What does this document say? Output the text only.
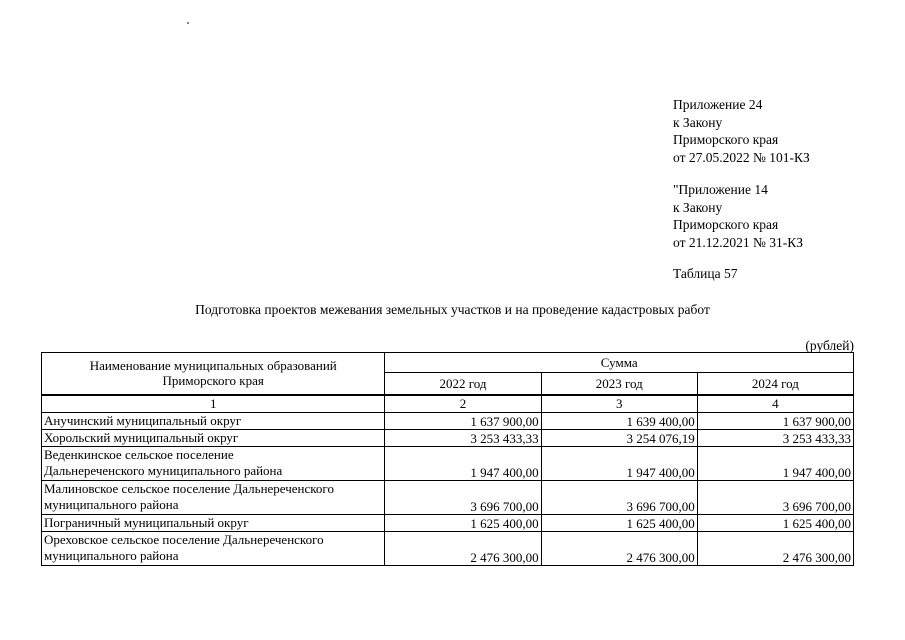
Приложение 24
к Закону
Приморского края
от 27.05.2022 № 101-КЗ
"Приложение 14
к Закону
Приморского края
от 21.12.2021 № 31-КЗ
Таблица 57
Подготовка проектов межевания земельных участков и на проведение кадастровых работ
(рублей)
Наименование муниципальных образований
Приморского края	Сумма		
	2022 год	2023 год	2024 год
1	2	3	4

Анучинский муниципальный округ	1 637 900,00	1 639 400,00	1 637 900,00

Хорольский муниципальный округ	3 253 433,33	3 254 076,19	3 253 433,33

Веденкинское сельское поселение
Дальнереченского муниципального района	1 947 400,00	1 947 400,00	1 947 400,00

Малиновское сельское поселение Дальнереченского
муниципального района	3 696 700,00	3 696 700,00	3 696 700,00

Пограничный муниципальный округ	1 625 400,00	1 625 400,00	1 625 400,00

Ореховское сельское поселение Дальнереченского
муниципального района	2 476 300,00	2 476 300,00	2 476 300,00
